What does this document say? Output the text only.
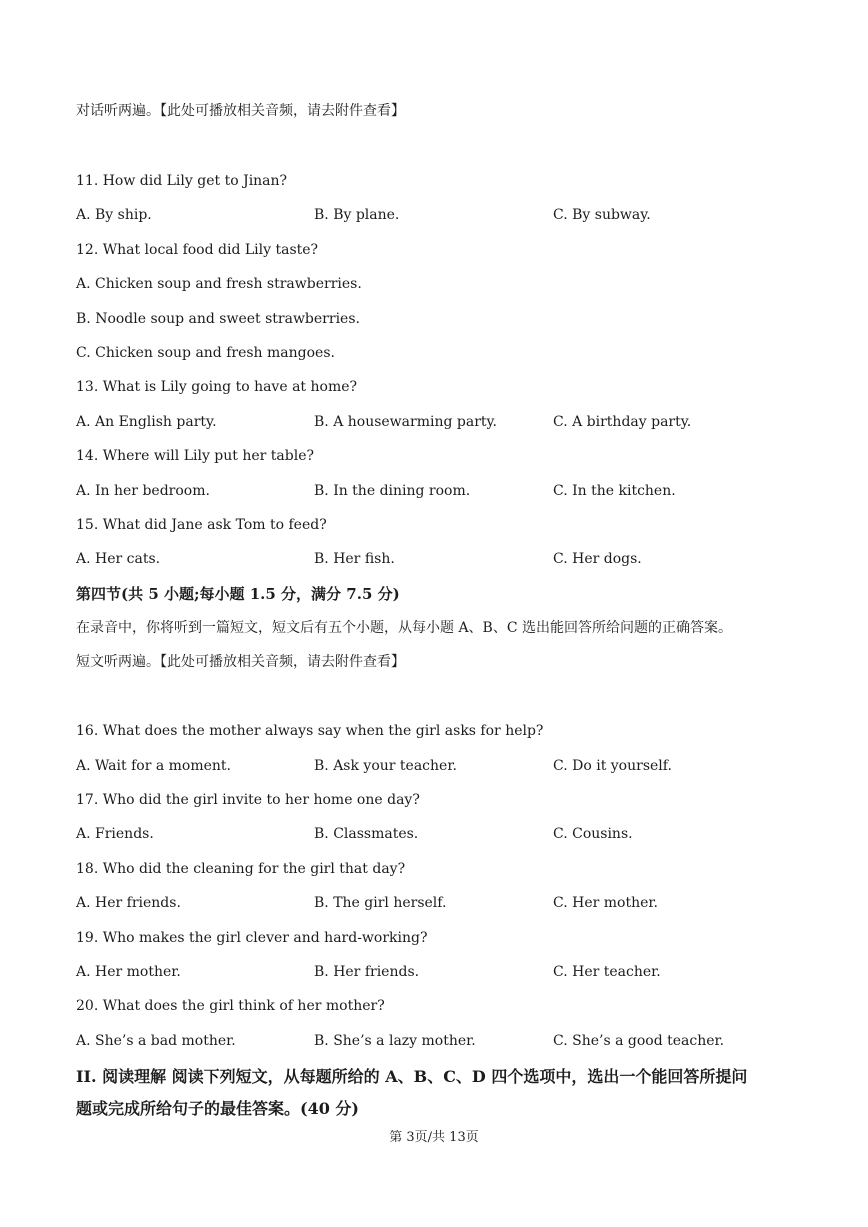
对话听两遍。【此处可播放相关音频，请去附件查看】
11. How did Lily get to Jinan?
A. By ship.	B. By plane.	C. By subway.
12. What local food did Lily taste?
A. Chicken soup and fresh strawberries.
B. Noodle soup and sweet strawberries.
C. Chicken soup and fresh mangoes.
13. What is Lily going to have at home?
A. An English party.	B. A housewarming party.	C. A birthday party.
14. Where will Lily put her table?
A. In her bedroom.	B. In the dining room.	C. In the kitchen.
15. What did Jane ask Tom to feed?
A. Her cats.	B. Her fish.	C. Her dogs.
第四节(共 5 小题;每小题 1.5 分，满分 7.5 分)
在录音中，你将听到一篇短文，短文后有五个小题，从每小题 A、B、C 选出能回答所给问题的正确答案。
短文听两遍。【此处可播放相关音频，请去附件查看】
16. What does the mother always say when the girl asks for help?
A. Wait for a moment.	B. Ask your teacher.	C. Do it yourself.
17. Who did the girl invite to her home one day?
A. Friends.	B. Classmates.	C. Cousins.
18. Who did the cleaning for the girl that day?
A. Her friends.	B. The girl herself.	C. Her mother.
19. Who makes the girl clever and hard-working?
A. Her mother.	B. Her friends.	C. Her teacher.
20. What does the girl think of her mother?
A. She’s a bad mother.	B. She’s a lazy mother.	C. She’s a good teacher.
II. 阅读理解 阅读下列短文，从每题所给的 A、B、C、D 四个选项中，选出一个能回答所提问
题或完成所给句子的最佳答案。(40 分)
第 3页/共 13页
